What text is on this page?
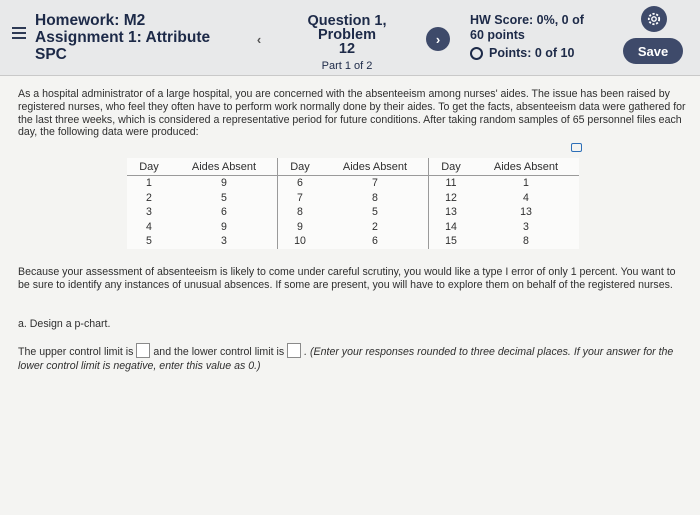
Homework: M2
Assignment 1: Attribute
SPC
‹
Question 1, Problem
12
Part 1 of 2
›
HW Score: 0%, 0 of
60 points
Points: 0 of 10	Save

As a hospital administrator of a large hospital, you are concerned with the absenteeism among nurses' aides. The issue has been raised by registered nurses, who feel they often have to perform work normally done by their aides. To get the facts, absenteeism data were gathered for the last three weeks, which is considered a representative period for future conditions. After taking random samples of 65 personnel files each day, the following data were produced:

Day	Aides Absent	Day	Aides Absent	Day	Aides Absent
1	9	6	7	11	1
2	5	7	8	12	4
3	6	8	5	13	13
4	9	9	2	14	3
5	3	10	6	15	8

Because your assessment of absenteeism is likely to come under careful scrutiny, you would like a type I error of only 1 percent. You want to be sure to identify any instances of unusual absences. If some are present, you will have to explore them on behalf of the registered nurses.

a. Design a p-chart.

The upper control limit is and the lower control limit is . (Enter your responses rounded to three decimal places. If your answer for the lower control limit is negative, enter this value as 0.)
